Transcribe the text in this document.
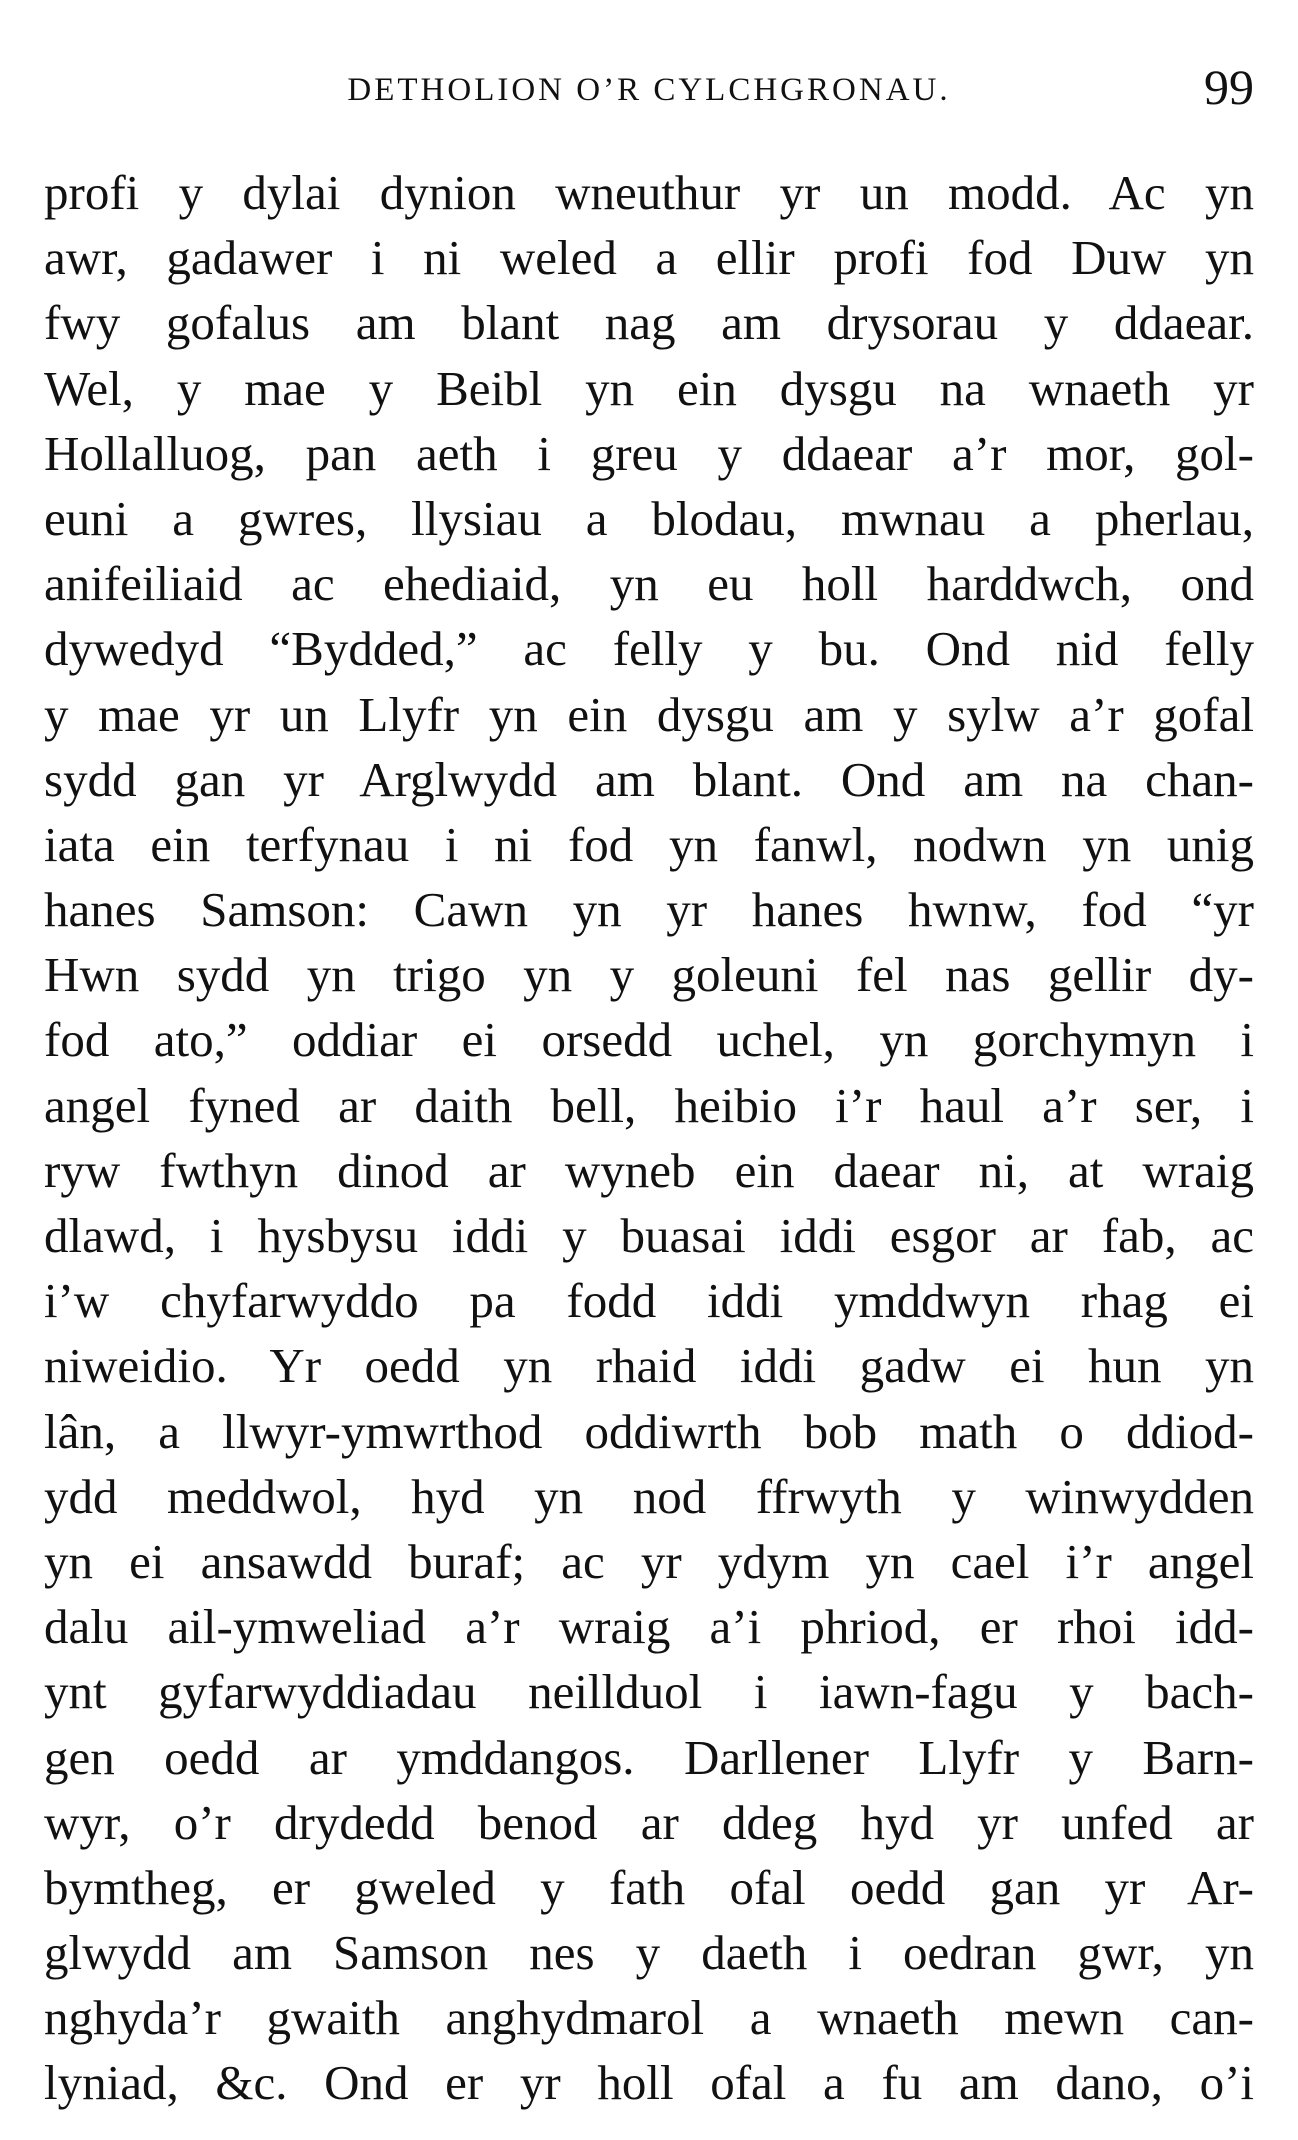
DETHOLION O’R CYLCHGRONAU.	99
profi y dylai dynion wneuthur yr un modd. Ac yn
awr, gadawer i ni weled a ellir profi fod Duw yn
fwy gofalus am blant nag am drysorau y ddaear.
Wel, y mae y Beibl yn ein dysgu na wnaeth yr
Hollalluog, pan aeth i greu y ddaear a’r mor, gol-
euni a gwres, llysiau a blodau, mwnau a pherlau,
anifeiliaid ac ehediaid, yn eu holl harddwch, ond
dywedyd “Bydded,” ac felly y bu. Ond nid felly
y mae yr un Llyfr yn ein dysgu am y sylw a’r gofal
sydd gan yr Arglwydd am blant. Ond am na chan-
iata ein terfynau i ni fod yn fanwl, nodwn yn unig
hanes Samson: Cawn yn yr hanes hwnw, fod “yr
Hwn sydd yn trigo yn y goleuni fel nas gellir dy-
fod ato,” oddiar ei orsedd uchel, yn gorchymyn i
angel fyned ar daith bell, heibio i’r haul a’r ser, i
ryw fwthyn dinod ar wyneb ein daear ni, at wraig
dlawd, i hysbysu iddi y buasai iddi esgor ar fab, ac
i’w chyfarwyddo pa fodd iddi ymddwyn rhag ei
niweidio. Yr oedd yn rhaid iddi gadw ei hun yn
lân, a llwyr-ymwrthod oddiwrth bob math o ddiod-
ydd meddwol, hyd yn nod ffrwyth y winwydden
yn ei ansawdd buraf; ac yr ydym yn cael i’r angel
dalu ail-ymweliad a’r wraig a’i phriod, er rhoi idd-
ynt gyfarwyddiadau neillduol i iawn-fagu y bach-
gen oedd ar ymddangos. Darllener Llyfr y Barn-
wyr, o’r drydedd benod ar ddeg hyd yr unfed ar
bymtheg, er gweled y fath ofal oedd gan yr Ar-
glwydd am Samson nes y daeth i oedran gwr, yn
nghyda’r gwaith anghydmarol a wnaeth mewn can-
lyniad, &c. Ond er yr holl ofal a fu am dano, o’i
